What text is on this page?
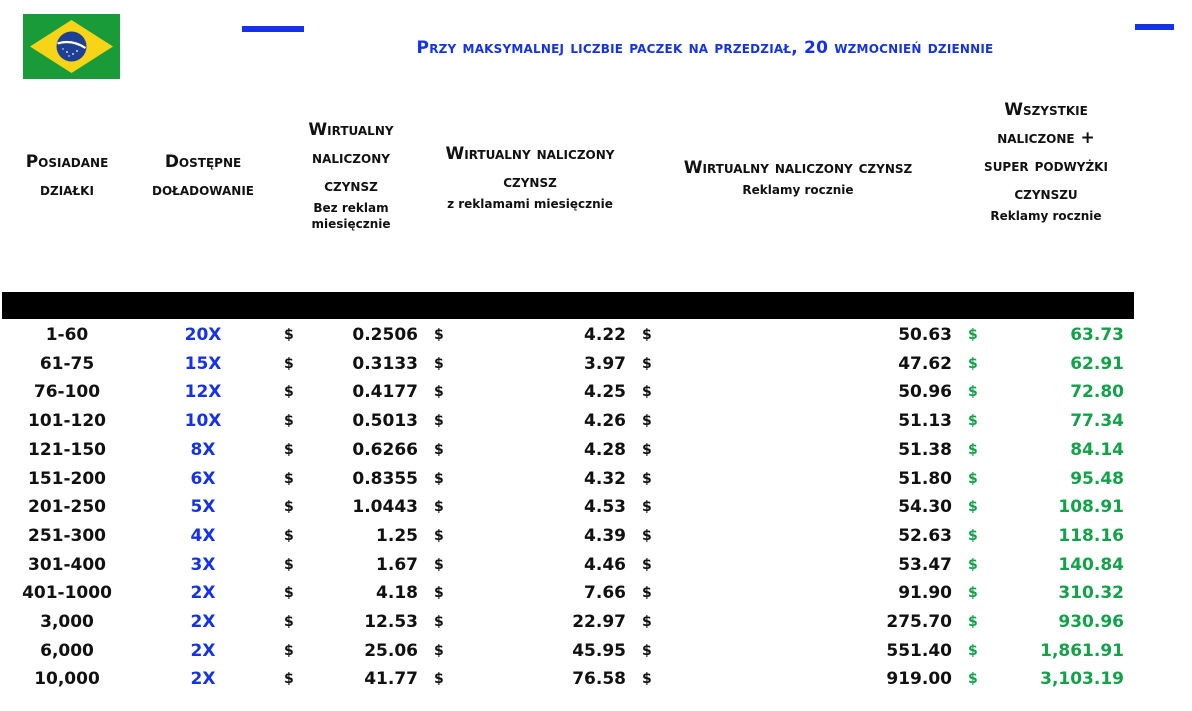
Przy maksymalnej liczbie paczek na przedział, 20 wzmocnień dziennie
Posiadane działki
Dostępne doładowanie
Wirtualny naliczony czynsz
Bez reklam miesięcznie
Wirtualny naliczony czynsz
z reklamami miesięcznie
Wirtualny naliczony czynsz
Reklamy rocznie
Wszystkie naliczone + super podwyżki czynszu
Reklamy rocznie
1-60	20X	$	0.2506 $	4.22 $	50.63 $	63.73
61-75	15X	$	0.3133 $	3.97 $	47.62 $	62.91
76-100	12X	$	0.4177 $	4.25 $	50.96 $	72.80
101-120	10X	$	0.5013 $	4.26 $	51.13 $	77.34
121-150	8X	$	0.6266 $	4.28 $	51.38 $	84.14
151-200	6X	$	0.8355 $	4.32 $	51.80 $	95.48
201-250	5X	$	1.0443 $	4.53 $	54.30 $	108.91
251-300	4X	$	1.25 $	4.39 $	52.63 $	118.16
301-400	3X	$	1.67 $	4.46 $	53.47 $	140.84
401-1000	2X	$	4.18 $	7.66 $	91.90 $	310.32
3,000	2X	$	12.53 $	22.97 $	275.70 $	930.96
6,000	2X	$	25.06 $	45.95 $	551.40 $	1,861.91
10,000	2X	$	41.77 $	76.58 $	919.00 $	3,103.19
